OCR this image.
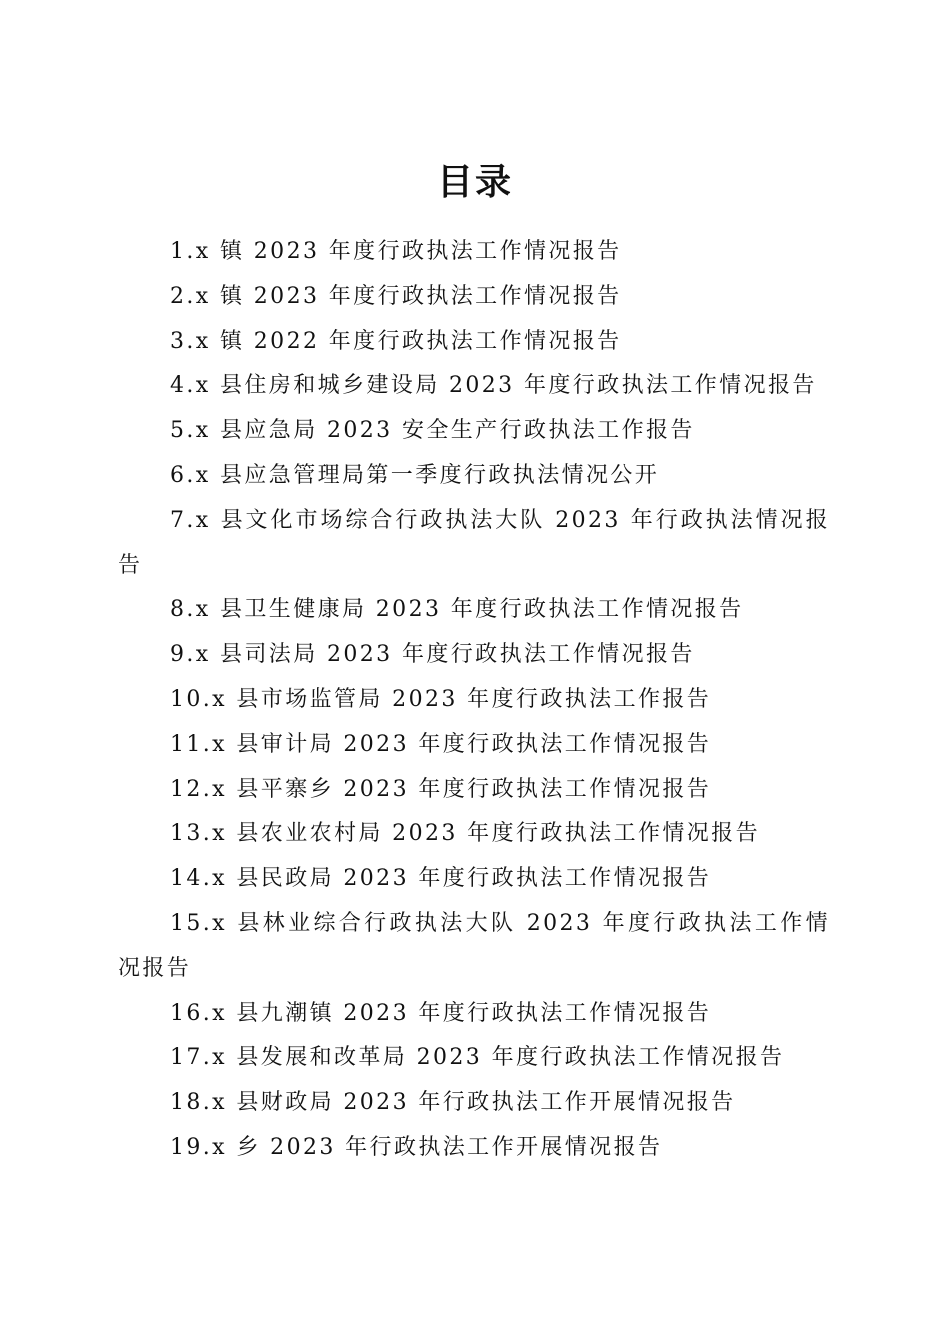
目录
1.x 镇 2023 年度行政执法工作情况报告
2.x 镇 2023 年度行政执法工作情况报告
3.x 镇 2022 年度行政执法工作情况报告
4.x 县住房和城乡建设局 2023 年度行政执法工作情况报告
5.x 县应急局 2023 安全生产行政执法工作报告
6.x 县应急管理局第一季度行政执法情况公开
7.x 县文化市场综合行政执法大队 2023 年行政执法情况报告
8.x 县卫生健康局 2023 年度行政执法工作情况报告
9.x 县司法局 2023 年度行政执法工作情况报告
10.x 县市场监管局 2023 年度行政执法工作报告
11.x 县审计局 2023 年度行政执法工作情况报告
12.x 县平寨乡 2023 年度行政执法工作情况报告
13.x 县农业农村局 2023 年度行政执法工作情况报告
14.x 县民政局 2023 年度行政执法工作情况报告
15.x 县林业综合行政执法大队 2023 年度行政执法工作情况报告
16.x 县九潮镇 2023 年度行政执法工作情况报告
17.x 县发展和改革局 2023 年度行政执法工作情况报告
18.x 县财政局 2023 年行政执法工作开展情况报告
19.x 乡 2023 年行政执法工作开展情况报告
